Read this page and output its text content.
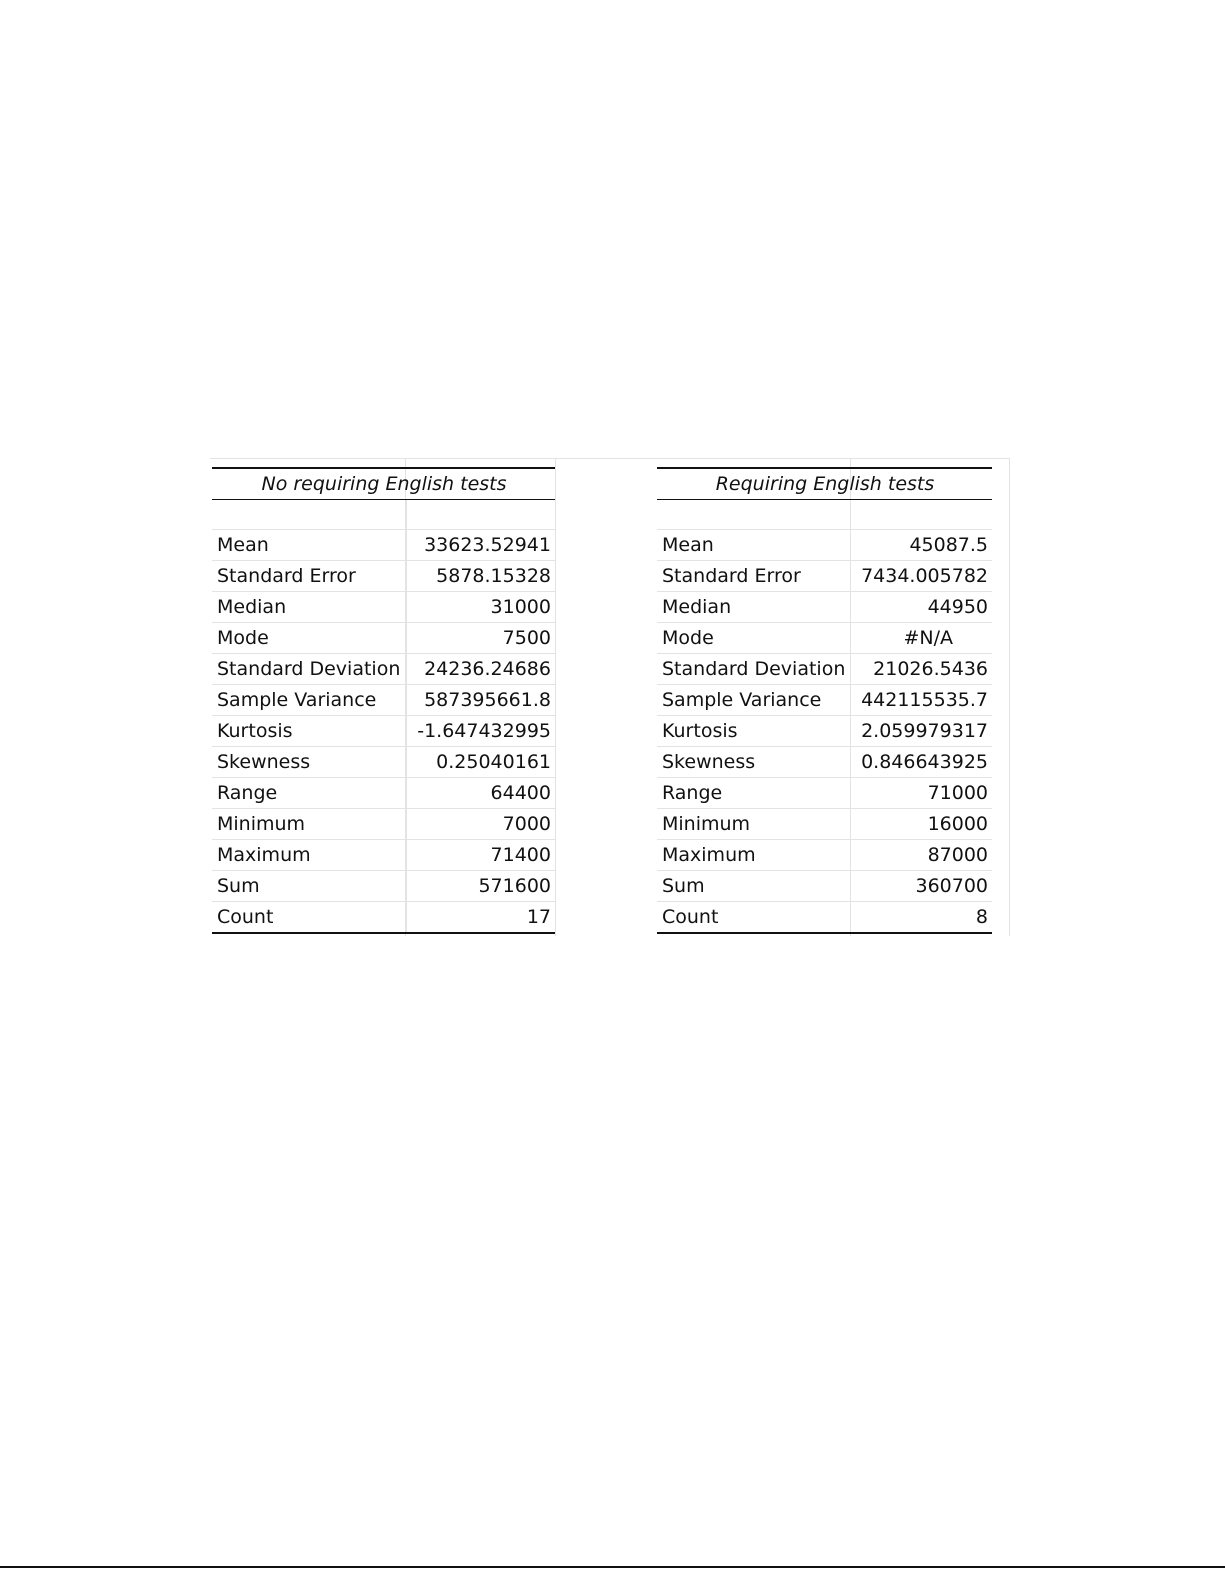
No requiring English tests	

Mean	33623.52941
Standard Error	5878.15328
Median	31000
Mode	7500
Standard Deviation	24236.24686
Sample Variance	587395661.8
Kurtosis	-1.647432995
Skewness	0.25040161
Range	64400
Minimum	7000
Maximum	71400
Sum	571600
Count	17
Requiring English tests	

Mean	45087.5
Standard Error	7434.005782
Median	44950
Mode	#N/A
Standard Deviation	21026.5436
Sample Variance	442115535.7
Kurtosis	2.059979317
Skewness	0.846643925
Range	71000
Minimum	16000
Maximum	87000
Sum	360700
Count	8
